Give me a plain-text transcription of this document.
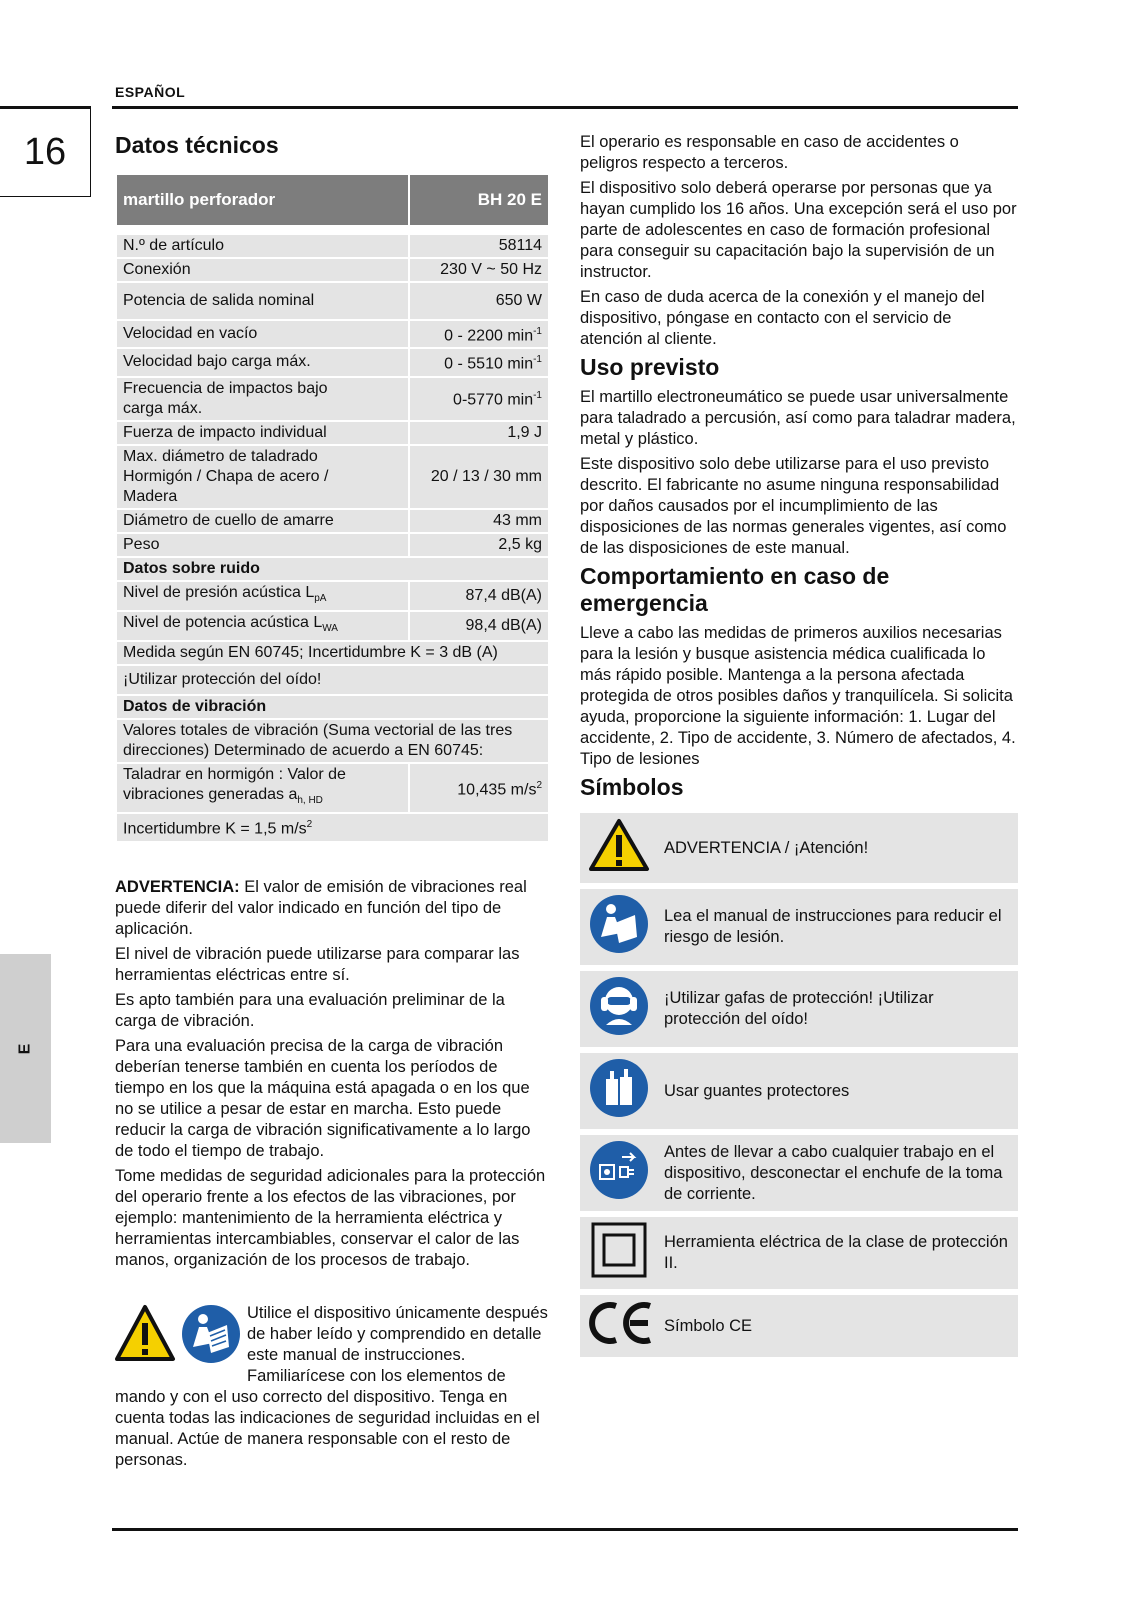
ESPAÑOL
16
E
Datos técnicos
martillo perforador	BH 20 E

N.º de artículo	58114
Conexión	230 V ~ 50 Hz
Potencia de salida nominal	650 W
Velocidad en vacío	0 - 2200 $\min^{-1}$
Velocidad bajo carga máx.	0 - 5510 $\min^{-1}$
Frecuencia de impactos bajo carga máx.	0-5770 $\min^{-1}$
Fuerza de impacto individual	1,9 J
Max. diámetro de taladrado Hormigón / Chapa de acero / Madera	20 / 13 / 30 mm
Diámetro de cuello de amarre	43 mm
Peso	2,5 kg
Datos sobre ruido	
Nivel de presión acústica $L_{pA}$	87,4 dB(A)
Nivel de potencia acústica $L_{WA}$	98,4 dB(A)
Medida según EN 60745; Incertidumbre K = 3 dB (A)	
¡Utilizar protección del oído!	
Datos de vibración	
Valores totales de vibración (Suma vectorial de las tres direcciones) Determinado de acuerdo a EN 60745:	
Taladrar en hormigón : Valor de vibraciones generadas $a_{h, HD}$	10,435 $m/s^2$
Incertidumbre K = 1,5 $m/s^2$

ADVERTENCIA: El valor de emisión de vibraciones real puede diferir del valor indicado en función del tipo de aplicación.

El nivel de vibración puede utilizarse para comparar las herramientas eléctricas entre sí.

Es apto también para una evaluación preliminar de la carga de vibración.

Para una evaluación precisa de la carga de vibración deberían tenerse también en cuenta los períodos de tiempo en los que la máquina está apagada o en los que no se utilice a pesar de estar en marcha. Esto puede reducir la carga de vibración significativamente a lo largo de todo el tiempo de trabajo.

Tome medidas de seguridad adicionales para la protección del operario frente a los efectos de las vibraciones, por ejemplo: mantenimiento de la herramienta eléctrica y herramientas intercambiables, conservar el calor de las manos, organización de los procesos de trabajo.

Utilice el dispositivo únicamente después de haber leído y comprendido en detalle este manual de instrucciones. Familiarícese con los elementos de mando y con el uso correcto del dispositivo. Tenga en cuenta todas las indicaciones de seguridad incluidas en el manual. Actúe de manera responsable con el resto de personas.

El operario es responsable en caso de accidentes o peligros respecto a terceros.

El dispositivo solo deberá operarse por personas que ya hayan cumplido los 16 años. Una excepción será el uso por parte de adolescentes en caso de formación profesional para conseguir su capacitación bajo la supervisión de un instructor.

En caso de duda acerca de la conexión y el manejo del dispositivo, póngase en contacto con el servicio de atención al cliente.

Uso previsto

El martillo electroneumático se puede usar universalmente para taladrado a percusión, así como para taladrar madera, metal y plástico.

Este dispositivo solo debe utilizarse para el uso previsto descrito. El fabricante no asume ninguna responsabilidad por daños causados por el incumplimiento de las disposiciones de las normas generales vigentes, así como de las disposiciones de este manual.

Comportamiento en caso de emergencia

Lleve a cabo las medidas de primeros auxilios necesarias para la lesión y busque asistencia médica cualificada lo más rápido posible. Mantenga a la persona afectada protegida de otros posibles daños y tranquilícela. Si solicita ayuda, proporcione la siguiente información: 1. Lugar del accidente, 2. Tipo de accidente, 3. Número de afectados, 4. Tipo de lesiones

Símbolos
	ADVERTENCIA / ¡Atención!
	Lea el manual de instrucciones para reducir el riesgo de lesión.
	¡Utilizar gafas de protección! ¡Utilizar protección del oído!
	Usar guantes protectores
	Antes de llevar a cabo cualquier trabajo en el dispositivo, desconectar el enchufe de la toma de corriente.
	Herramienta eléctrica de la clase de protección II.
	Símbolo CE
